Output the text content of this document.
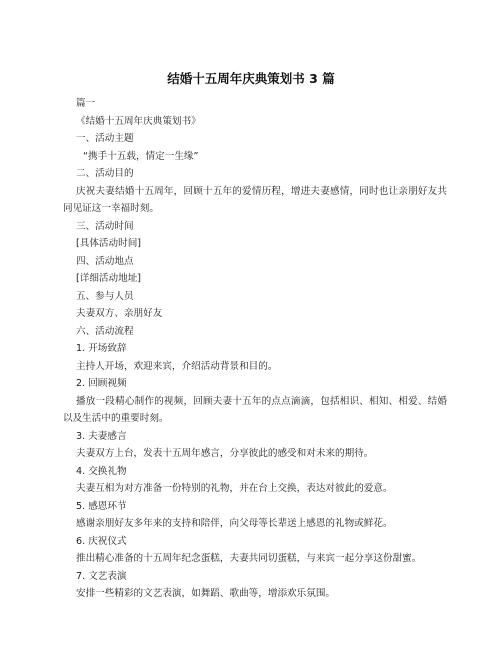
结婚十五周年庆典策划书 3 篇
篇一
《结婚十五周年庆典策划书》
一、活动主题
“携手十五载，情定一生缘”
二、活动目的
庆祝夫妻结婚十五周年，回顾十五年的爱情历程，增进夫妻感情，同时也让亲朋好友共同见证这一幸福时刻。
三、活动时间
[具体活动时间]
四、活动地点
[详细活动地址]
五、参与人员
夫妻双方、亲朋好友
六、活动流程
1. 开场致辞
主持人开场，欢迎来宾，介绍活动背景和目的。
2. 回顾视频
播放一段精心制作的视频，回顾夫妻十五年的点点滴滴，包括相识、相知、相爱、结婚以及生活中的重要时刻。
3. 夫妻感言
夫妻双方上台，发表十五周年感言，分享彼此的感受和对未来的期待。
4. 交换礼物
夫妻互相为对方准备一份特别的礼物，并在台上交换，表达对彼此的爱意。
5. 感恩环节
感谢亲朋好友多年来的支持和陪伴，向父母等长辈送上感恩的礼物或鲜花。
6. 庆祝仪式
推出精心准备的十五周年纪念蛋糕，夫妻共同切蛋糕，与来宾一起分享这份甜蜜。
7. 文艺表演
安排一些精彩的文艺表演，如舞蹈、歌曲等，增添欢乐氛围。
